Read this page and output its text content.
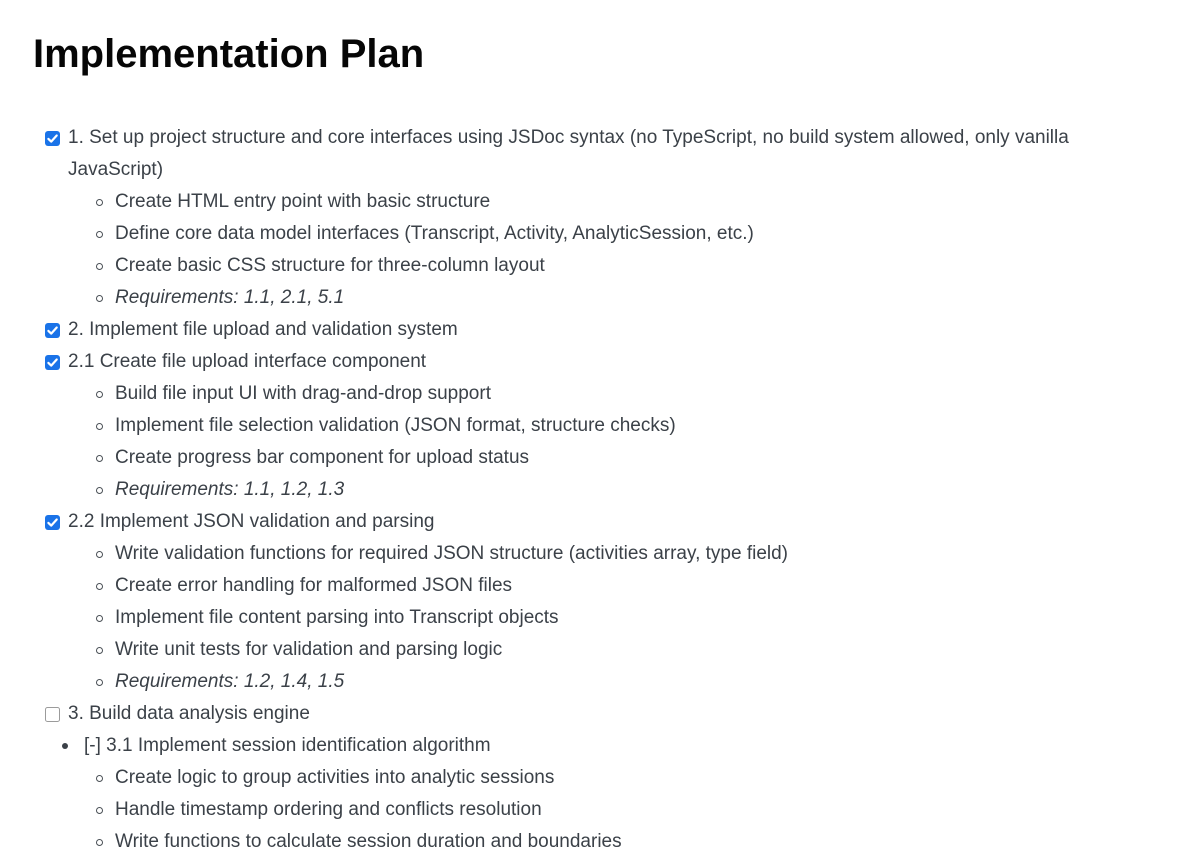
Implementation Plan
1. Set up project structure and core interfaces using JSDoc syntax (no TypeScript, no build system allowed, only vanilla JavaScript)
Create HTML entry point with basic structure
Define core data model interfaces (Transcript, Activity, AnalyticSession, etc.)
Create basic CSS structure for three-column layout
Requirements: 1.1, 2.1, 5.1
2. Implement file upload and validation system
2.1 Create file upload interface component
Build file input UI with drag-and-drop support
Implement file selection validation (JSON format, structure checks)
Create progress bar component for upload status
Requirements: 1.1, 1.2, 1.3
2.2 Implement JSON validation and parsing
Write validation functions for required JSON structure (activities array, type field)
Create error handling for malformed JSON files
Implement file content parsing into Transcript objects
Write unit tests for validation and parsing logic
Requirements: 1.2, 1.4, 1.5
3. Build data analysis engine
[-] 3.1 Implement session identification algorithm
Create logic to group activities into analytic sessions
Handle timestamp ordering and conflicts resolution
Write functions to calculate session duration and boundaries
